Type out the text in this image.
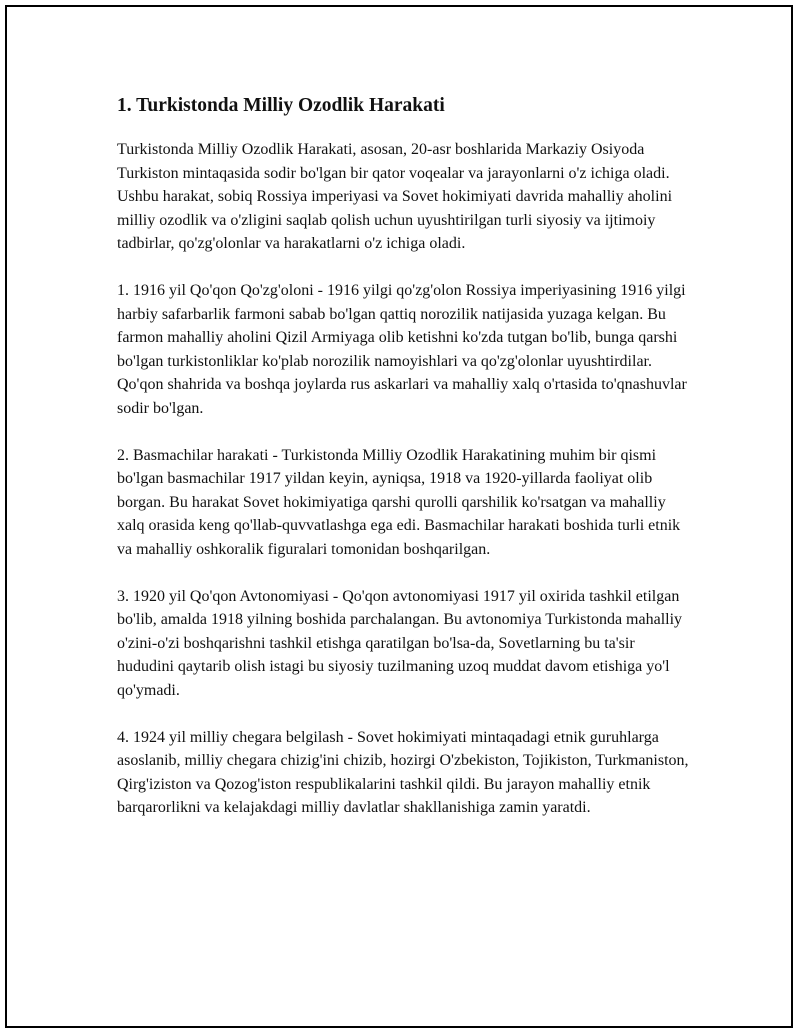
1. Turkistonda Milliy Ozodlik Harakati

Turkistonda Milliy Ozodlik Harakati, asosan, 20-asr boshlarida Markaziy Osiyoda Turkiston mintaqasida sodir bo'lgan bir qator voqealar va jarayonlarni o'z ichiga oladi. Ushbu harakat, sobiq Rossiya imperiyasi va Sovet hokimiyati davrida mahalliy aholini milliy ozodlik va o'zligini saqlab qolish uchun uyushtirilgan turli siyosiy va ijtimoiy tadbirlar, qo'zg'olonlar va harakatlarni o'z ichiga oladi.

1. 1916 yil Qo'qon Qo'zg'oloni - 1916 yilgi qo'zg'olon Rossiya imperiyasining 1916 yilgi harbiy safarbarlik farmoni sabab bo'lgan qattiq norozilik natijasida yuzaga kelgan. Bu farmon mahalliy aholini Qizil Armiyaga olib ketishni ko'zda tutgan bo'lib, bunga qarshi bo'lgan turkistonliklar ko'plab norozilik namoyishlari va qo'zg'olonlar uyushtirdilar. Qo'qon shahrida va boshqa joylarda rus askarlari va mahalliy xalq o'rtasida to'qnashuvlar sodir bo'lgan.

2. Basmachilar harakati - Turkistonda Milliy Ozodlik Harakatining muhim bir qismi bo'lgan basmachilar 1917 yildan keyin, ayniqsa, 1918 va 1920-yillarda faoliyat olib borgan. Bu harakat Sovet hokimiyatiga qarshi qurolli qarshilik ko'rsatgan va mahalliy xalq orasida keng qo'llab-quvvatlashga ega edi. Basmachilar harakati boshida turli etnik va mahalliy oshkoralik figuralari tomonidan boshqarilgan.

3. 1920 yil Qo'qon Avtonomiyasi - Qo'qon avtonomiyasi 1917 yil oxirida tashkil etilgan bo'lib, amalda 1918 yilning boshida parchalangan. Bu avtonomiya Turkistonda mahalliy o'zini-o'zi boshqarishni tashkil etishga qaratilgan bo'lsa-da, Sovetlarning bu ta'sir hududini qaytarib olish istagi bu siyosiy tuzilmaning uzoq muddat davom etishiga yo'l qo'ymadi.

4. 1924 yil milliy chegara belgilash - Sovet hokimiyati mintaqadagi etnik guruhlarga asoslanib, milliy chegara chizig'ini chizib, hozirgi O'zbekiston, Tojikiston, Turkmaniston, Qirg'iziston va Qozog'iston respublikalarini tashkil qildi. Bu jarayon mahalliy etnik barqarorlikni va kelajakdagi milliy davlatlar shakllanishiga zamin yaratdi.
